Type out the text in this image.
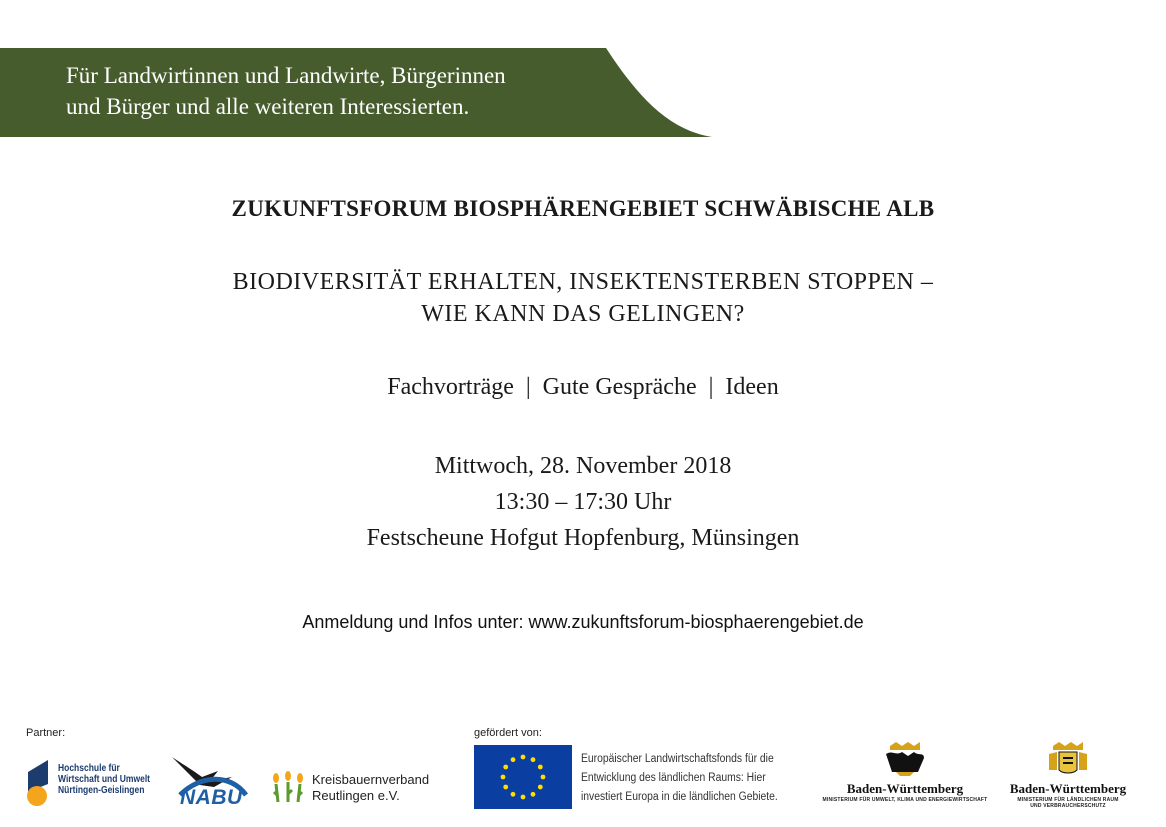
Für Landwirtinnen und Landwirte, Bürgerinnen
und Bürger und alle weiteren Interessierten.
ZUKUNFTSFORUM BIOSPHÄRENGEBIET SCHWÄBISCHE ALB
BIODIVERSITÄT ERHALTEN, INSEKTENSTERBEN STOPPEN –
WIE KANN DAS GELINGEN?
Fachvorträge  |  Gute Gespräche  |  Ideen
Mittwoch, 28. November 2018
13:30 – 17:30 Uhr
Festscheune Hofgut Hopfenburg, Münsingen
Anmeldung und Infos unter: www.zukunftsforum-biosphaerengebiet.de
Partner:
Hochschule für
Wirtschaft und Umwelt
Nürtingen-Geislingen NABU
Kreisbauernverband
Reutlingen e.V.
gefördert von:
Europäischer Landwirtschaftsfonds für die
Entwicklung des ländlichen Raums: Hier
investiert Europa in die ländlichen Gebiete.
Baden-Württemberg
MINISTERIUM FÜR UMWELT, KLIMA UND ENERGIEWIRTSCHAFT
Baden-Württemberg
MINISTERIUM FÜR LÄNDLICHEN RAUM
UND VERBRAUCHERSCHUTZ
